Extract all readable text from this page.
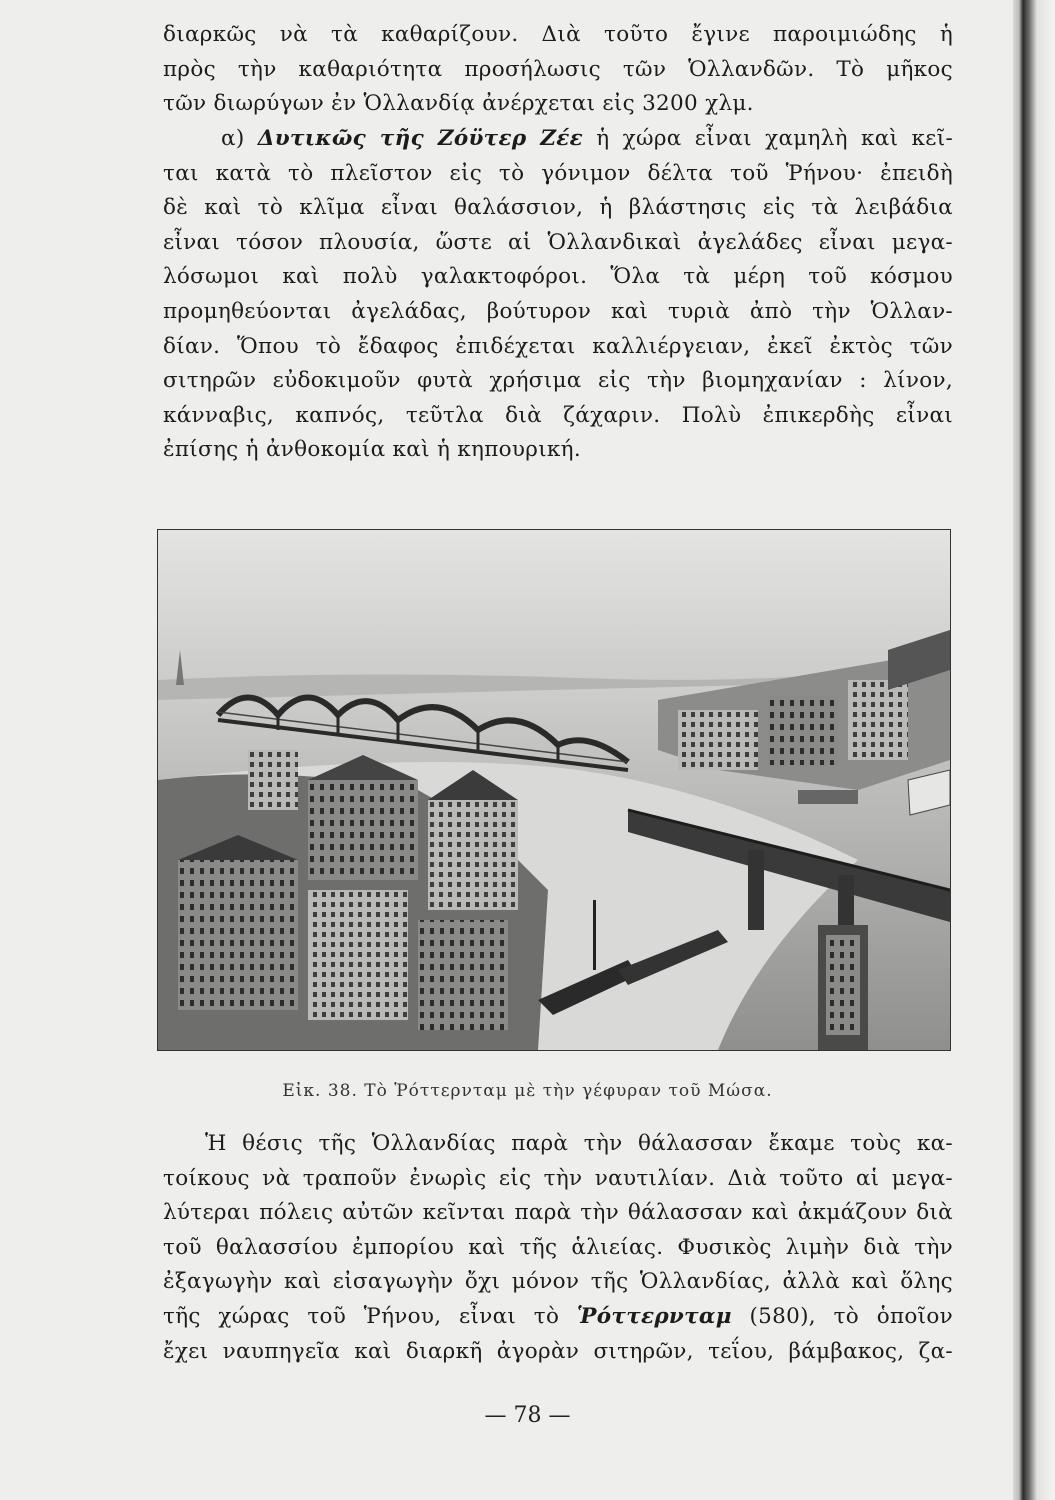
διαρκῶς νὰ τὰ καθαρίζουν. Διὰ τοῦτο ἔγινε παροιμιώδης ἡ
πρὸς τὴν καθαριότητα προσήλωσις τῶν Ὁλλανδῶν. Τὸ μῆκος
τῶν διωρύγων ἐν Ὁλλανδίᾳ ἀνέρχεται εἰς 3200 χλμ.
α) Δυτικῶς τῆς Ζόϋτερ Ζέε ἡ χώρα εἶναι χαμηλὴ καὶ κεῖ-
ται κατὰ τὸ πλεῖστον εἰς τὸ γόνιμον δέλτα τοῦ Ῥήνου· ἐπειδὴ
δὲ καὶ τὸ κλῖμα εἶναι θαλάσσιον, ἡ βλάστησις εἰς τὰ λειβάδια
εἶναι τόσον πλουσία, ὥστε αἱ Ὁλλανδικαὶ ἀγελάδες εἶναι μεγα-
λόσωμοι καὶ πολὺ γαλακτοφόροι. Ὅλα τὰ μέρη τοῦ κόσμου
προμηθεύονται ἀγελάδας, βούτυρον καὶ τυριὰ ἀπὸ τὴν Ὁλλαν-
δίαν. Ὅπου τὸ ἔδαφος ἐπιδέχεται καλλιέργειαν, ἐκεῖ ἐκτὸς τῶν
σιτηρῶν εὐδοκιμοῦν φυτὰ χρήσιμα εἰς τὴν βιομηχανίαν : λίνον,
κάνναβις, καπνός, τεῦτλα διὰ ζάχαριν. Πολὺ ἐπικερδὴς εἶναι
ἐπίσης ἡ ἀνθοκομία καὶ ἡ κηπουρική.
Εἰκ. 38. Τὸ Ῥόττερνταμ μὲ τὴν γέφυραν τοῦ Μώσα.
Ἡ θέσις τῆς Ὁλλανδίας παρὰ τὴν θάλασσαν ἔκαμε τοὺς κα-
τοίκους νὰ τραποῦν ἐνωρὶς εἰς τὴν ναυτιλίαν. Διὰ τοῦτο αἱ μεγα-
λύτεραι πόλεις αὐτῶν κεῖνται παρὰ τὴν θάλασσαν καὶ ἀκμάζουν διὰ
τοῦ θαλασσίου ἐμπορίου καὶ τῆς ἁλιείας. Φυσικὸς λιμὴν διὰ τὴν
ἐξαγωγὴν καὶ εἰσαγωγὴν ὄχι μόνον τῆς Ὁλλανδίας, ἀλλὰ καὶ ὅλης
τῆς χώρας τοῦ Ῥήνου, εἶναι τὸ Ῥόττερνταμ (580), τὸ ὁποῖον
ἔχει ναυπηγεῖα καὶ διαρκῆ ἀγορὰν σιτηρῶν, τεΐου, βάμβακος, ζα-
— 78 —
